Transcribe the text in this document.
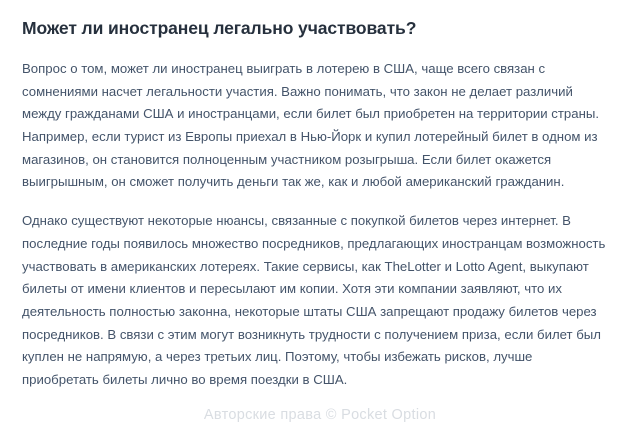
Может ли иностранец легально участвовать?

Вопрос о том, может ли иностранец выиграть в лотерею в США, чаще всего связан с сомнениями насчет легальности участия. Важно понимать, что закон не делает различий между гражданами США и иностранцами, если билет был приобретен на территории страны. Например, если турист из Европы приехал в Нью-Йорк и купил лотерейный билет в одном из магазинов, он становится полноценным участником розыгрыша. Если билет окажется выигрышным, он сможет получить деньги так же, как и любой американский гражданин.

Однако существуют некоторые нюансы, связанные с покупкой билетов через интернет. В последние годы появилось множество посредников, предлагающих иностранцам возможность участвовать в американских лотереях. Такие сервисы, как TheLotter и Lotto Agent, выкупают билеты от имени клиентов и пересылают им копии. Хотя эти компании заявляют, что их деятельность полностью законна, некоторые штаты США запрещают продажу билетов через посредников. В связи с этим могут возникнуть трудности с получением приза, если билет был куплен не напрямую, а через третьих лиц. Поэтому, чтобы избежать рисков, лучше приобретать билеты лично во время поездки в США.

Авторские права © Pocket Option
